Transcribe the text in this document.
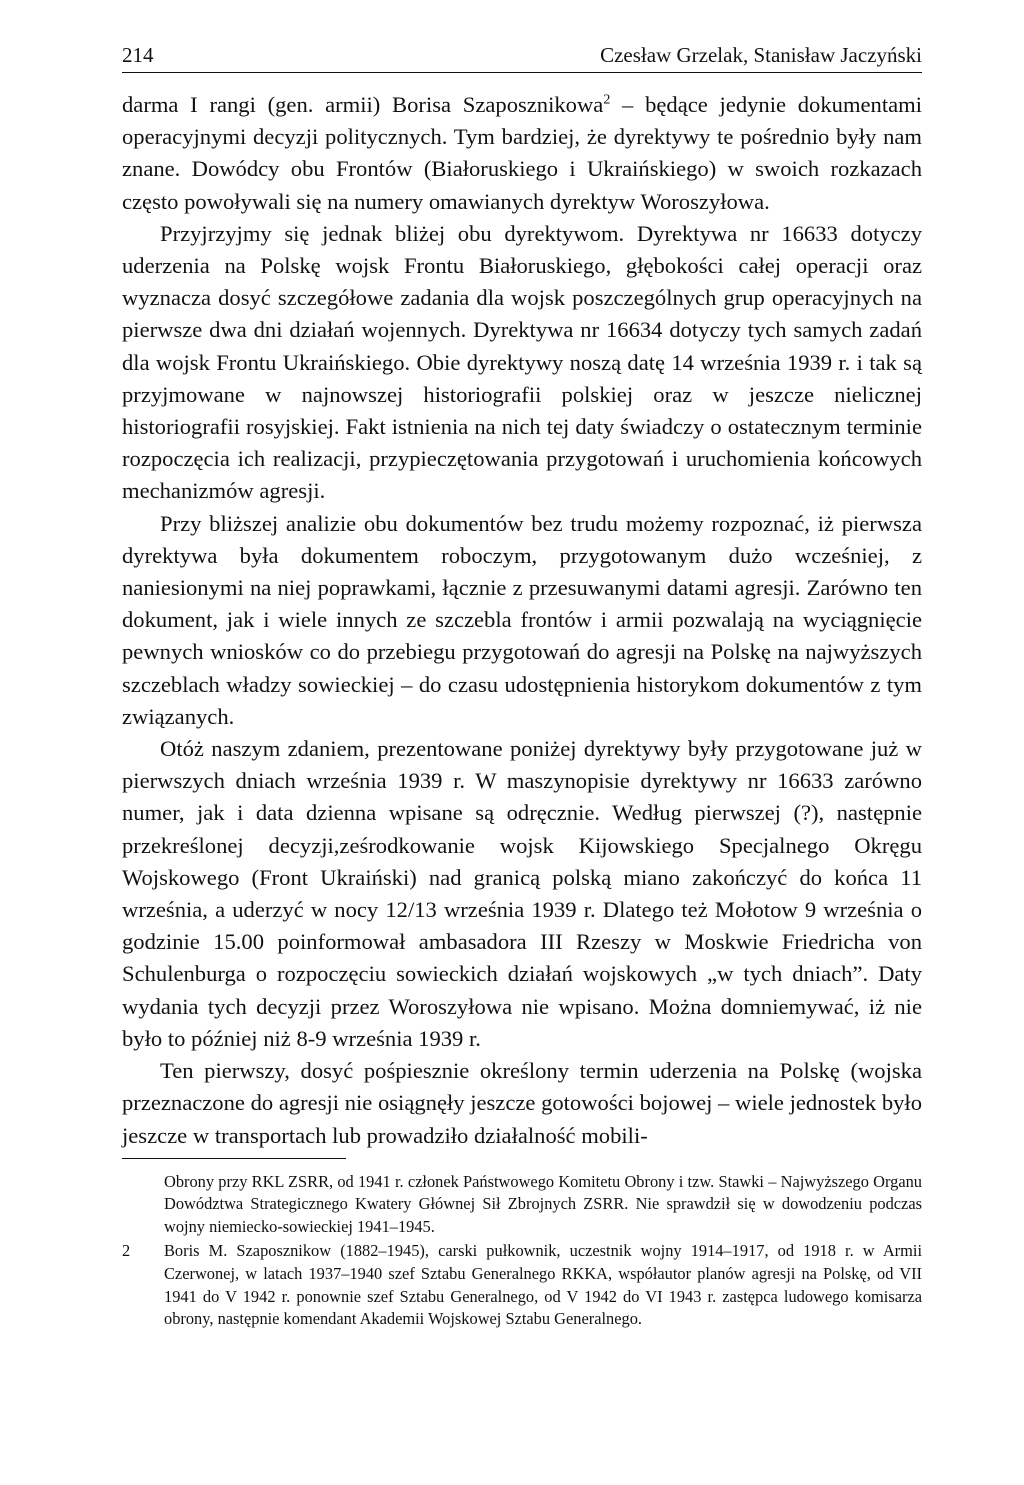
214	Czesław Grzelak, Stanisław Jaczyński

darma I rangi (gen. armii) Borisa Szaposznikowa$^2$ – będące jedynie dokumentami operacyjnymi decyzji politycznych. Tym bardziej, że dyrektywy te pośrednio były nam znane. Dowódcy obu Frontów (Białoruskiego i Ukraińskiego) w swoich rozkazach często powoływali się na numery omawianych dyrektyw Woroszyłowa.

Przyjrzyjmy się jednak bliżej obu dyrektywom. Dyrektywa nr 16633 dotyczy uderzenia na Polskę wojsk Frontu Białoruskiego, głębokości całej operacji oraz wyznacza dosyć szczegółowe zadania dla wojsk poszczególnych grup operacyjnych na pierwsze dwa dni działań wojennych. Dyrektywa nr 16634 dotyczy tych samych zadań dla wojsk Frontu Ukraińskiego. Obie dyrektywy noszą datę 14 września 1939 r. i tak są przyjmowane w najnowszej historiografii polskiej oraz w jeszcze nielicznej historiografii rosyjskiej. Fakt istnienia na nich tej daty świadczy o ostatecznym terminie rozpoczęcia ich realizacji, przypieczętowania przygotowań i uruchomienia końcowych mechanizmów agresji.

Przy bliższej analizie obu dokumentów bez trudu możemy rozpoznać, iż pierwsza dyrektywa była dokumentem roboczym, przygotowanym dużo wcześniej, z naniesionymi na niej poprawkami, łącznie z przesuwanymi datami agresji. Zarówno ten dokument, jak i wiele innych ze szczebla frontów i armii pozwalają na wyciągnięcie pewnych wniosków co do przebiegu przygotowań do agresji na Polskę na najwyższych szczeblach władzy sowieckiej – do czasu udostępnienia historykom dokumentów z tym związanych.

Otóż naszym zdaniem, prezentowane poniżej dyrektywy były przygotowane już w pierwszych dniach września 1939 r. W maszynopisie dyrektywy nr 16633 zarówno numer, jak i data dzienna wpisane są odręcznie. Według pierwszej (?), następnie przekreślonej decyzji,ześrodkowanie wojsk Kijowskiego Specjalnego Okręgu Wojskowego (Front Ukraiński) nad granicą polską miano zakończyć do końca 11 września, a uderzyć w nocy 12/13 września 1939 r. Dlatego też Mołotow 9 września o godzinie 15.00 poinformował ambasadora III Rzeszy w Moskwie Friedricha von Schulenburga o rozpoczęciu sowieckich działań wojskowych „w tych dniach”. Daty wydania tych decyzji przez Woroszyłowa nie wpisano. Można domniemywać, iż nie było to później niż 8-9 września 1939 r.

Ten pierwszy, dosyć pośpiesznie określony termin uderzenia na Polskę (wojska przeznaczone do agresji nie osiągnęły jeszcze gotowości bojowej – wiele jednostek było jeszcze w transportach lub prowadziło działalność mobili-

Obrony przy RKL ZSRR, od 1941 r. członek Państwowego Komitetu Obrony i tzw. Stawki – Najwyższego Organu Dowództwa Strategicznego Kwatery Głównej Sił Zbrojnych ZSRR. Nie sprawdził się w dowodzeniu podczas wojny niemiecko-sowieckiej 1941–1945.
2	Boris M. Szaposznikow (1882–1945), carski pułkownik, uczestnik wojny 1914–1917, od 1918 r. w Armii Czerwonej, w latach 1937–1940 szef Sztabu Generalnego RKKA, współautor planów agresji na Polskę, od VII 1941 do V 1942 r. ponownie szef Sztabu Generalnego, od V 1942 do VI 1943 r. zastępca ludowego komisarza obrony, następnie komendant Akademii Wojskowej Sztabu Generalnego.
